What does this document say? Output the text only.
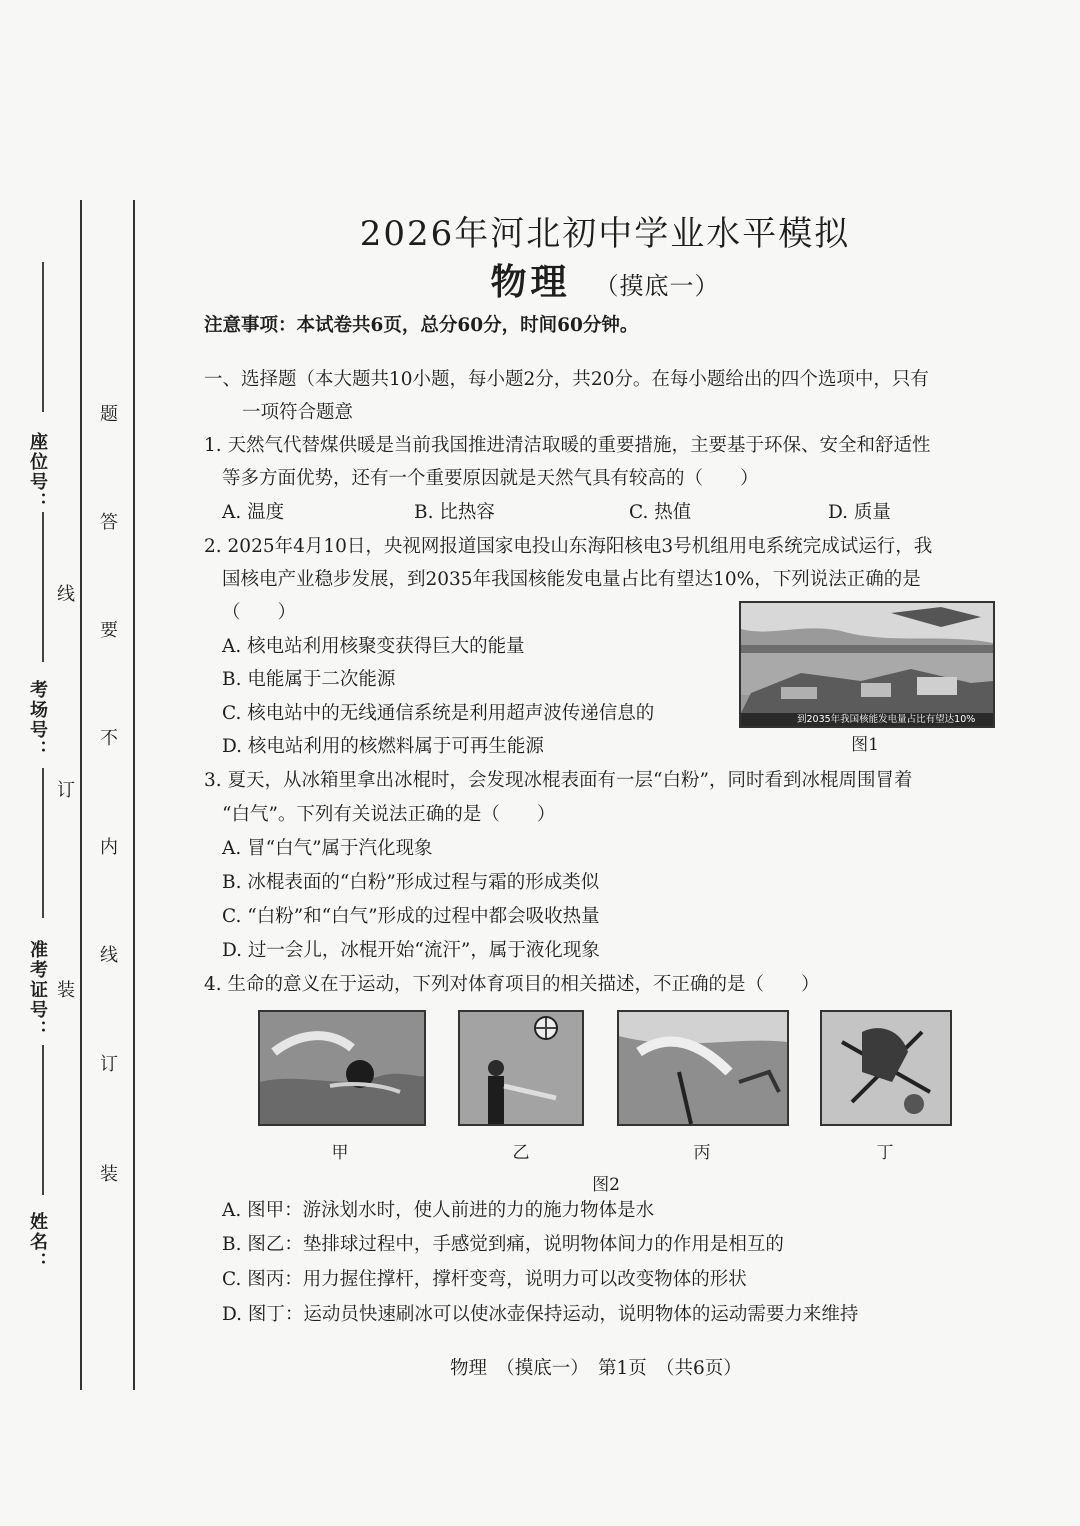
座位号：
考场号：
准考证号：
姓名：
线
订
装
题
答
要
不
内
线
订
装
2026年河北初中学业水平模拟
物理 （摸底一）
注意事项：本试卷共6页，总分60分，时间60分钟。
一、选择题（本大题共10小题，每小题2分，共20分。在每小题给出的四个选项中，只有
一项符合题意
1. 天然气代替煤供暖是当前我国推进清洁取暖的重要措施，主要基于环保、安全和舒适性
等多方面优势，还有一个重要原因就是天然气具有较高的（　　）
A. 温度	B. 比热容	C. 热值	D. 质量
2. 2025年4月10日，央视网报道国家电投山东海阳核电3号机组用电系统完成试运行，我
国核电产业稳步发展，到2035年我国核能发电量占比有望达10%，下列说法正确的是
（　　）
A. 核电站利用核聚变获得巨大的能量
B. 电能属于二次能源
C. 核电站中的无线通信系统是利用超声波传递信息的
D. 核电站利用的核燃料属于可再生能源
到2035年我国核能发电量占比有望达10%
图1
3. 夏天，从冰箱里拿出冰棍时，会发现冰棍表面有一层“白粉”，同时看到冰棍周围冒着
“白气”。下列有关说法正确的是（　　）
A. 冒“白气”属于汽化现象
B. 冰棍表面的“白粉”形成过程与霜的形成类似
C. “白粉”和“白气”形成的过程中都会吸收热量
D. 过一会儿，冰棍开始“流汗”，属于液化现象
4. 生命的意义在于运动，下列对体育项目的相关描述，不正确的是（　　）
甲	乙	丙	丁
图2
A. 图甲：游泳划水时，使人前进的力的施力物体是水
B. 图乙：垫排球过程中，手感觉到痛，说明物体间力的作用是相互的
C. 图丙：用力握住撑杆，撑杆变弯，说明力可以改变物体的形状
D. 图丁：运动员快速刷冰可以使冰壶保持运动，说明物体的运动需要力来维持
物理　（摸底一）　第1页　（共6页）
